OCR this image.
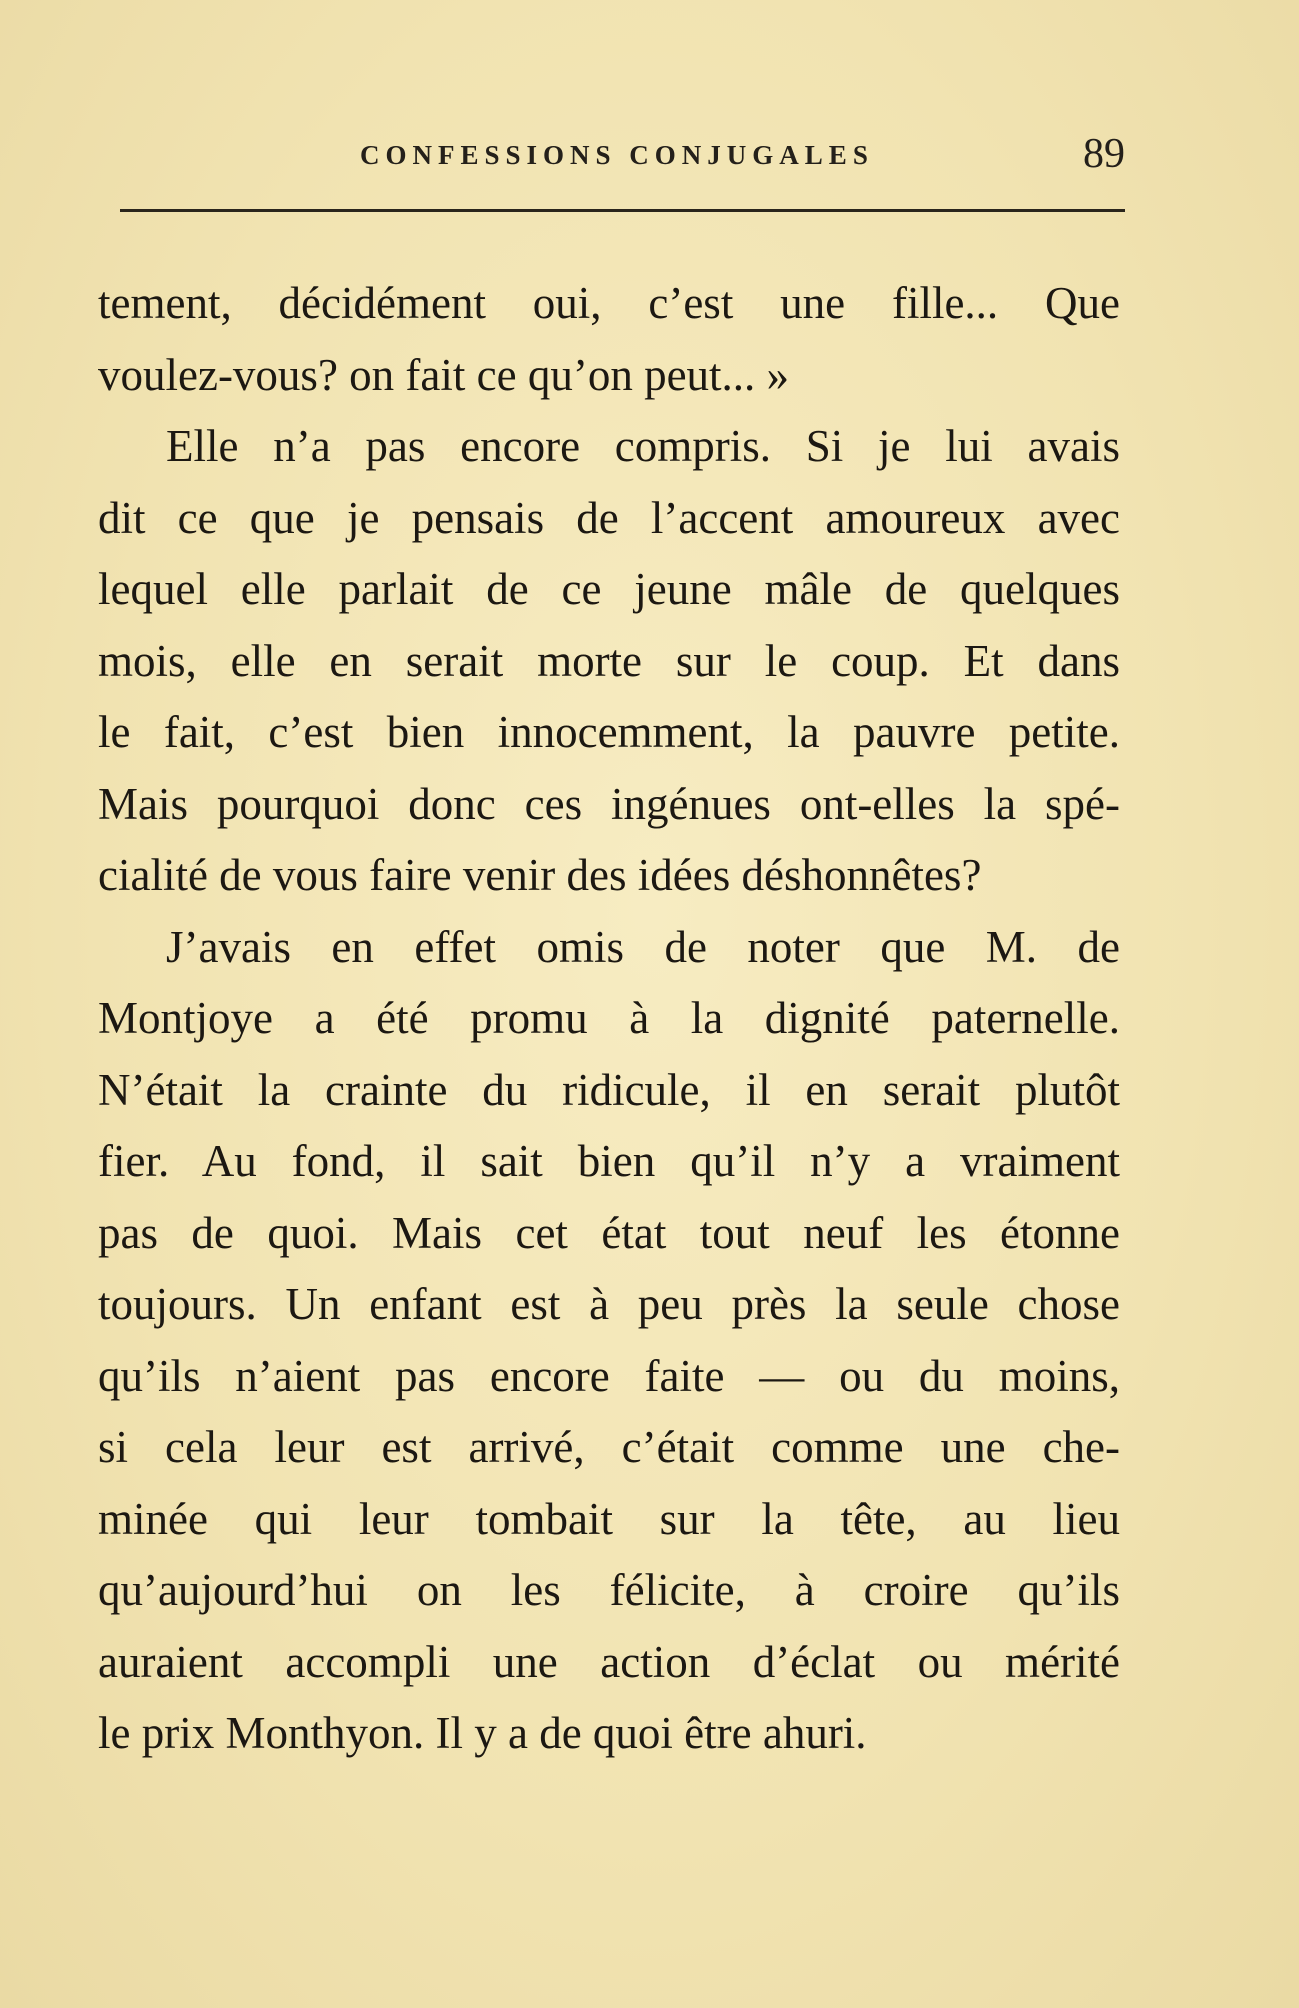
CONFESSIONS CONJUGALES	89
tement, décidément oui, c’est une fille... Que
voulez-vous? on fait ce qu’on peut... »
Elle n’a pas encore compris. Si je lui avais
dit ce que je pensais de l’accent amoureux avec
lequel elle parlait de ce jeune mâle de quelques
mois, elle en serait morte sur le coup. Et dans
le fait, c’est bien innocemment, la pauvre petite.
Mais pourquoi donc ces ingénues ont-elles la spé-
cialité de vous faire venir des idées déshonnêtes?
J’avais en effet omis de noter que M. de
Montjoye a été promu à la dignité paternelle.
N’était la crainte du ridicule, il en serait plutôt
fier. Au fond, il sait bien qu’il n’y a vraiment
pas de quoi. Mais cet état tout neuf les étonne
toujours. Un enfant est à peu près la seule chose
qu’ils n’aient pas encore faite — ou du moins,
si cela leur est arrivé, c’était comme une che-
minée qui leur tombait sur la tête, au lieu
qu’aujourd’hui on les félicite, à croire qu’ils
auraient accompli une action d’éclat ou mérité
le prix Monthyon. Il y a de quoi être ahuri.
